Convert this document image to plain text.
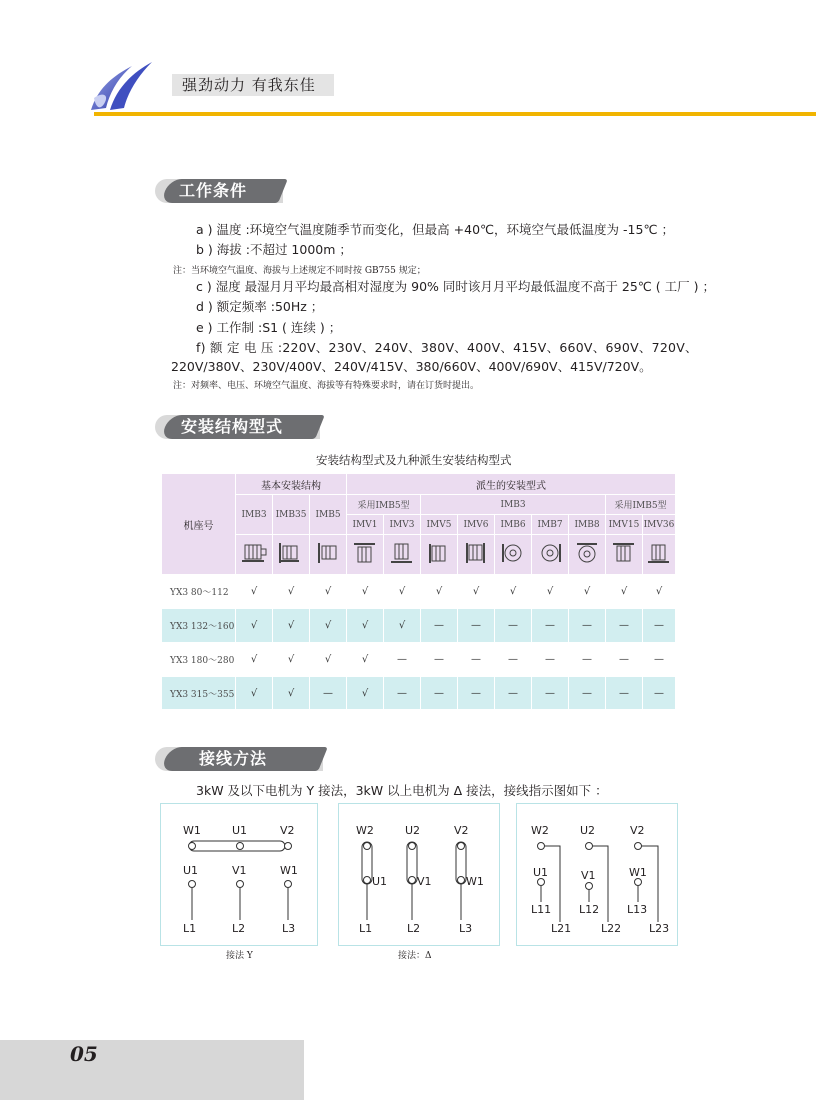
强劲动力 有我东佳
工作条件
a ) 温度 :环境空气温度随季节而变化，但最高 +40℃，环境空气最低温度为 -15℃ ；
b ) 海拔 :不超过 1000m ；
注：当环境空气温度、海拔与上述规定不同时按 GB755 规定；
c ) 湿度 最湿月月平均最高相对湿度为 90% 同时该月月平均最低温度不高于 25℃ ( 工厂 ) ；
d ) 额定频率 :50Hz ；
e ) 工作制 :S1 ( 连续 ) ；
f) 额 定 电 压 :220V、230V、240V、380V、400V、415V、660V、690V、720V、
220V/380V、230V/400V、240V/415V、380/660V、400V/690V、415V/720V。
注：对频率、电压、环境空气温度、海拔等有特殊要求时，请在订货时提出。
安装结构型式
安装结构型式及九种派生安装结构型式
机座号	基本安装结构			派生的安装型式								
	IMB3	IMB35	IMB5	采用IMB5型		IMB3					采用IMB5型	
				IMV1	IMV3	IMV5	IMV6	IMB6	IMB7	IMB8	IMV15	IMV36

YX3 80～112	√	√	√	√	√	√	√	√	√	√	√	√
YX3 132～160	√	√	√	√	√	—	—	—	—	—	—	—
YX3 180～280	√	√	√	√	—	—	—	—	—	—	—	—
YX3 315～355	√	√	—	√	—	—	—	—	—	—	—	—
接线方法
3kW 及以下电机为 Y 接法，3kW 以上电机为 Δ 接法，接线指示图如下 ：
W1	U1	V2
U1	V1	W1
L1	L2	L3
接法 Y
W2	U2	V2
U1	V1	W1
L1	L2	L3
接法：Δ
W2	U2	V2
U1	V1	W1
L11	L12	L13
L21	L22	L23
05
